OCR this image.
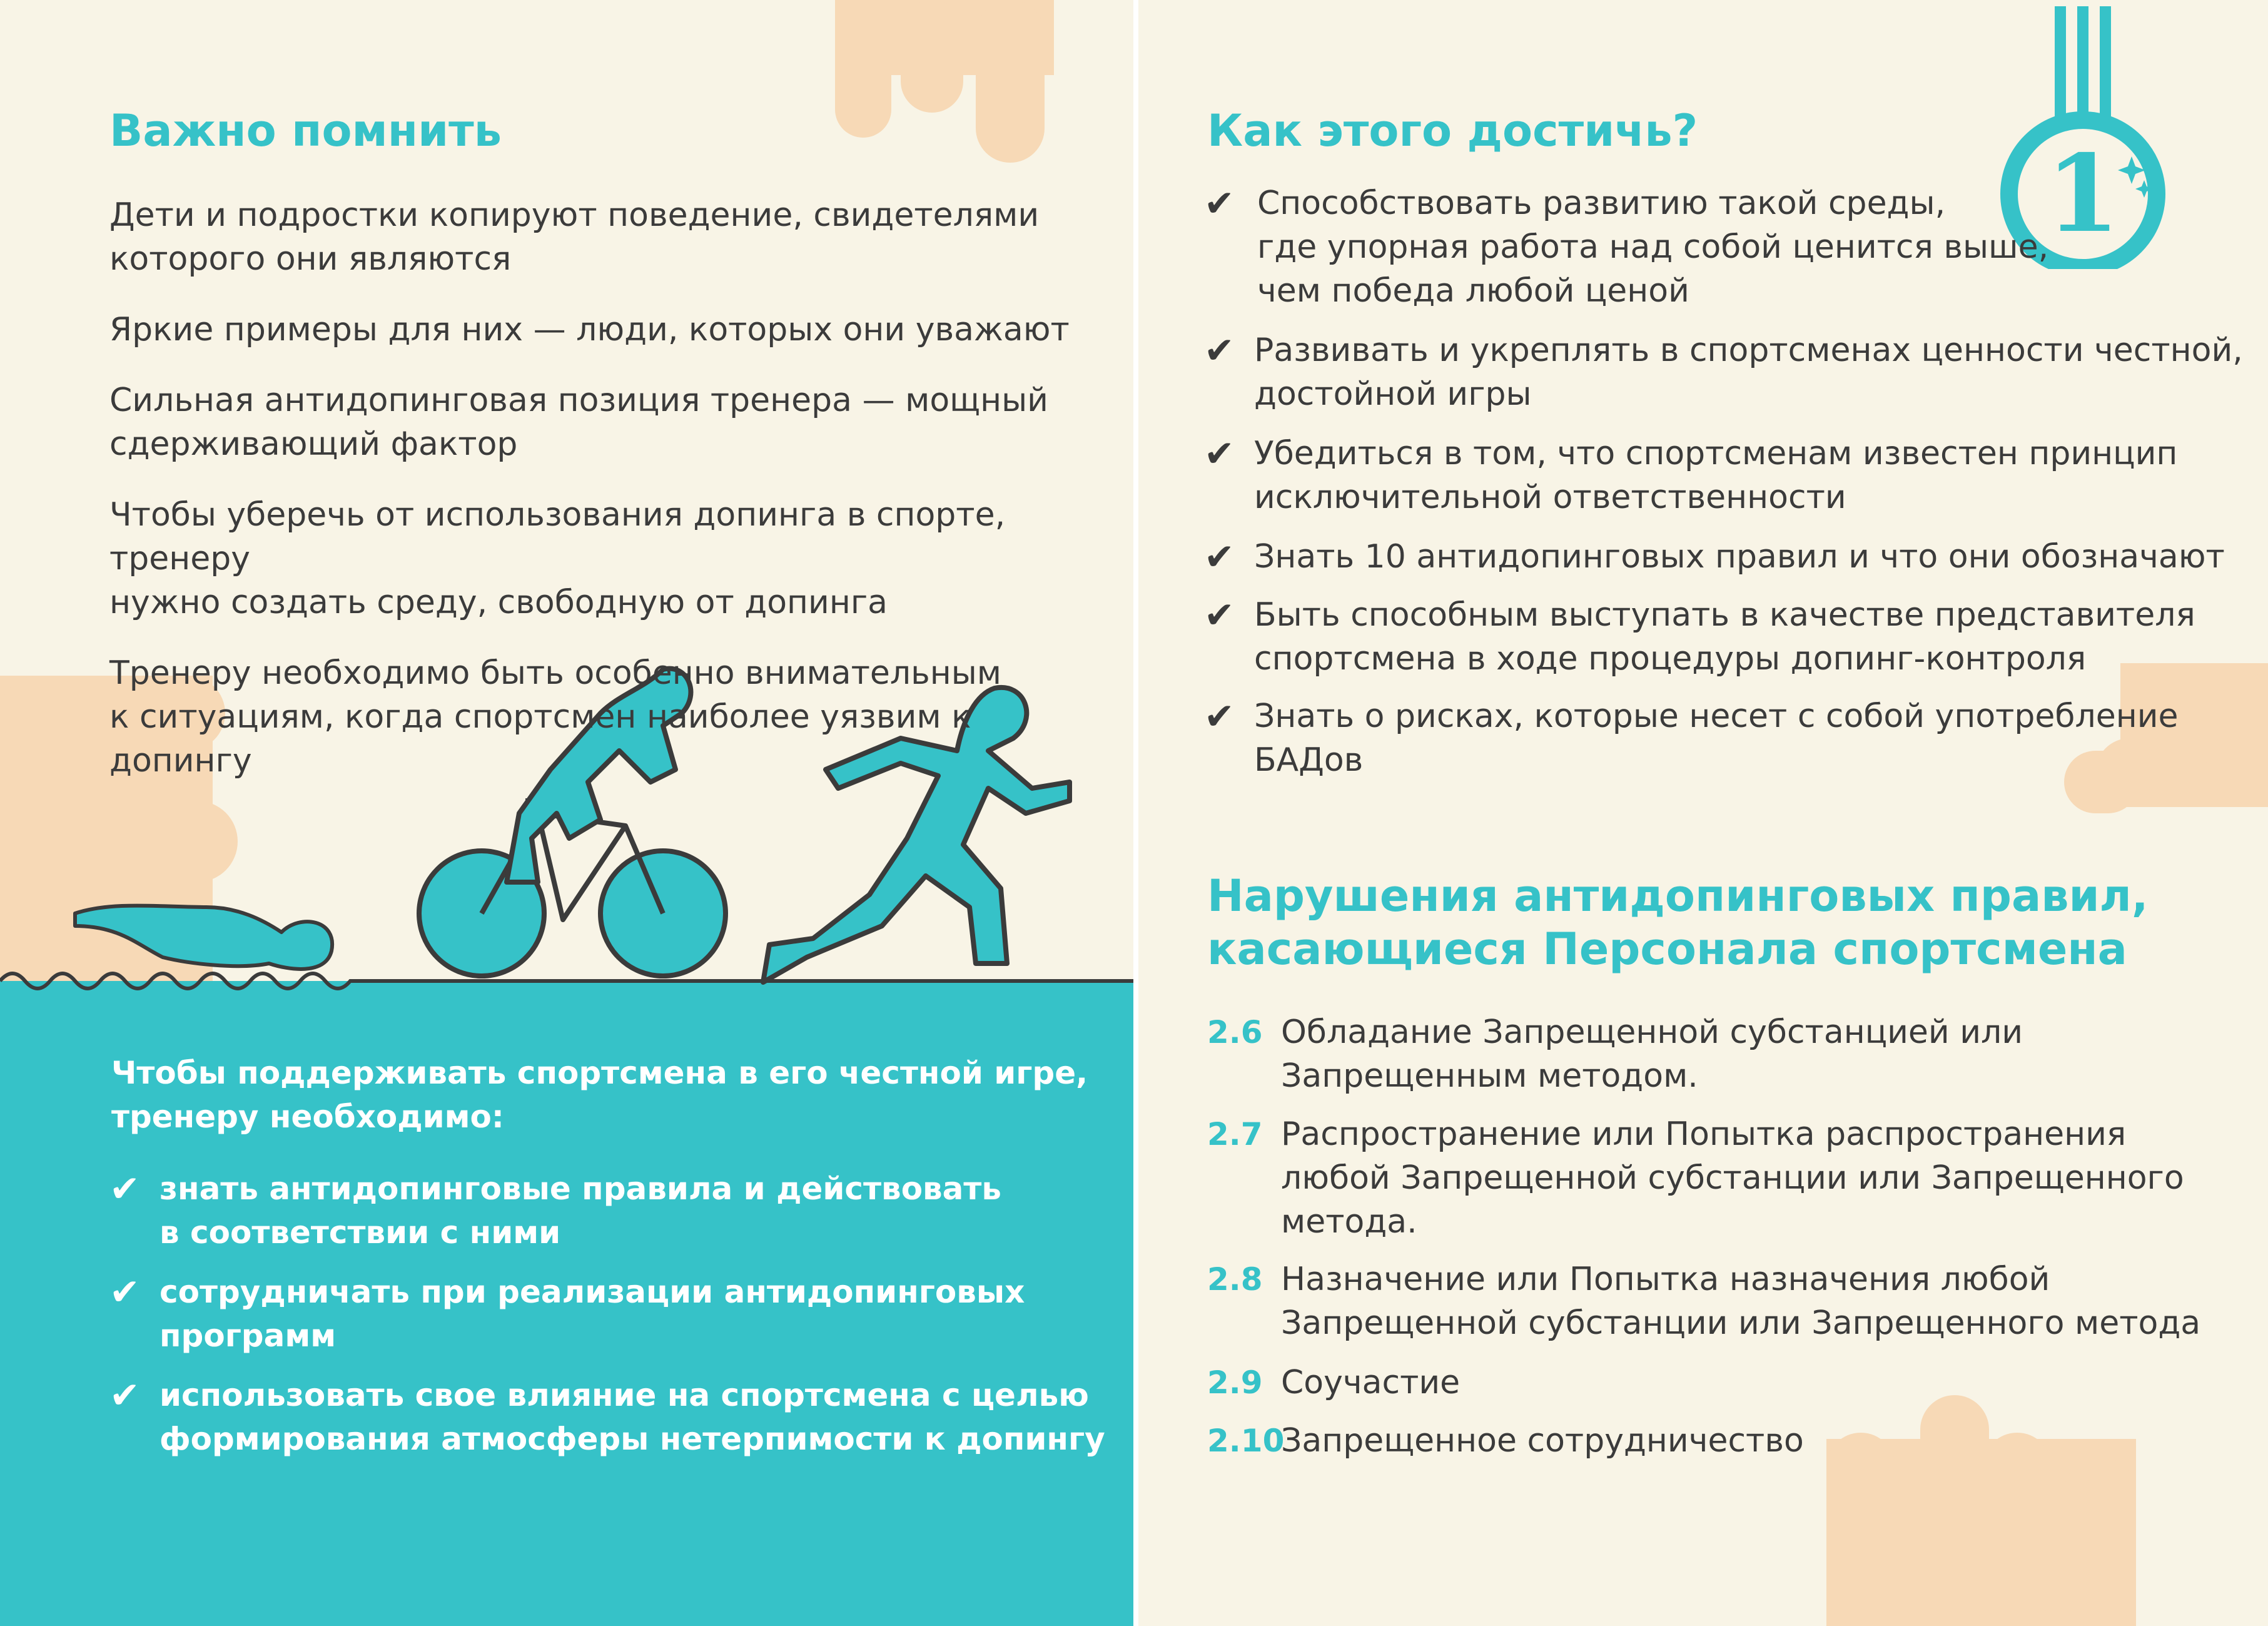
1
Важно помнить

Дети и подростки копируют поведение, свидетелями
которого они являются

Яркие примеры для них — люди, которых они уважают

Сильная антидопинговая позиция тренера — мощный
сдерживающий фактор

Чтобы уберечь от использования допинга в спорте, тренеру
нужно создать среду, свободную от допинга

Тренеру необходимо быть особенно внимательным
к ситуациям, когда спортсмен наиболее уязвим к допингу

Чтобы поддерживать спортсмена в его честной игре,
тренеру необходимо:
✔ знать антидопинговые правила и действовать
в соответствии с ними
✔ сотрудничать при реализации антидопинговых
программ
✔ использовать свое влияние на спортсмена с целью
формирования атмосферы нетерпимости к допингу
Как этого достичь?
✔ Способствовать развитию такой среды,
где упорная работа над собой ценится выше,
чем победа любой ценой
✔ Развивать и укреплять в спортсменах ценности честной,
достойной игры
✔ Убедиться в том, что спортсменам известен принцип
исключительной ответственности
✔ Знать 10 антидопинговых правил и что они обозначают
✔ Быть способным выступать в качестве представителя
спортсмена в ходе процедуры допинг-контроля
✔ Знать о рисках, которые несет с собой употребление
БАДов
Нарушения антидопинговых правил,
касающиеся Персонала спортсмена
2.6 Обладание Запрещенной субстанцией или
Запрещенным методом.
2.7 Распространение или Попытка распространения
любой Запрещенной субстанции или Запрещенного
метода.
2.8 Назначение или Попытка назначения любой
Запрещенной субстанции или Запрещенного метода
2.9 Соучастие
2.10
Запрещенное сотрудничество
